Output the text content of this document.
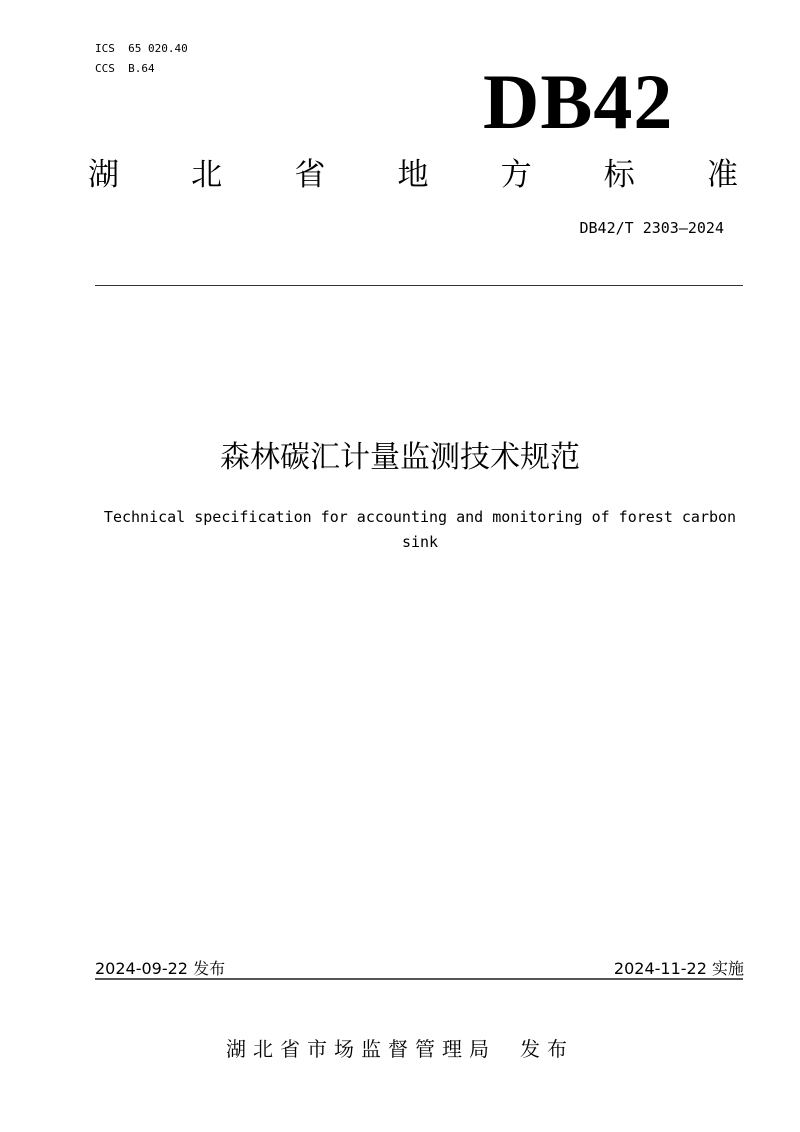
ICS  65 020.40
CCS  B.64	DB42
湖 北 省 地 方 标 准
DB42/T 2303—2024
森林碳汇计量监测技术规范
Technical specification for accounting and monitoring of forest carbon sink
2024-09-22 发布	2024-11-22 实施
湖北省市场监督管理局 发布
